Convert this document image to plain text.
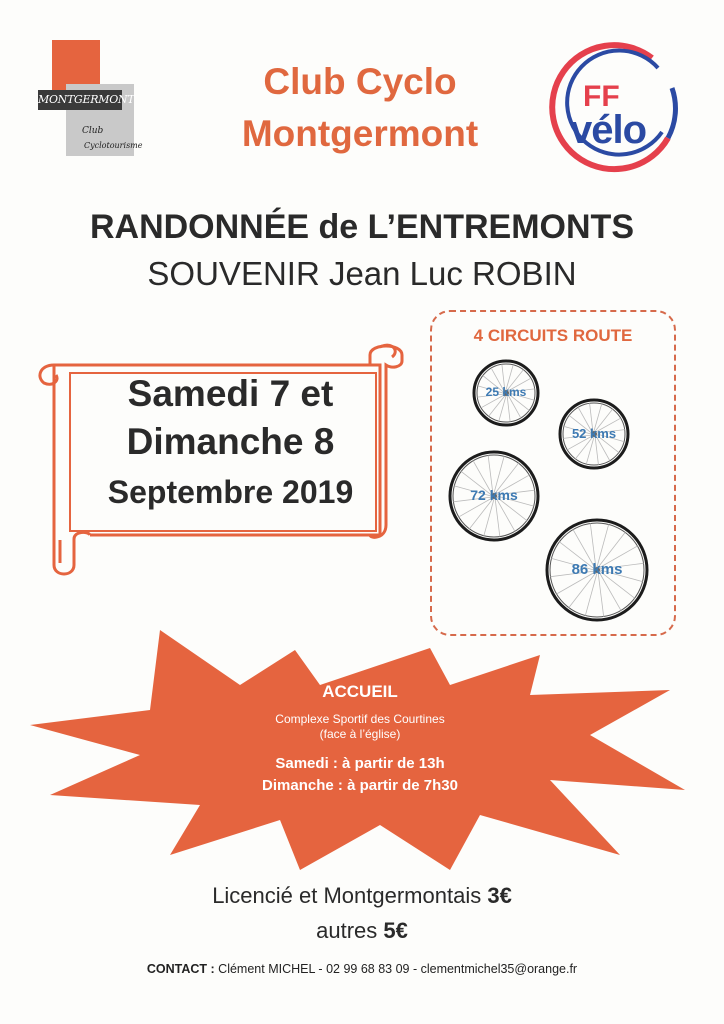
MONTGERMONT
Club
Cyclotourisme
Club Cyclo
Montgermont
FF
vélo
RANDONNÉE de L’ENTREMONTS
SOUVENIR Jean Luc ROBIN
Samedi 7 et
Dimanche 8
Septembre 2019
4 CIRCUITS ROUTE
25 kms
52 kms
72 kms
86 kms
ACCUEIL
Complexe Sportif des Courtines
(face à l’église)
Samedi : à partir de 13h
Dimanche : à partir de 7h30
Licencié et Montgermontais 3€
autres 5€
CONTACT : Clément MICHEL - 02 99 68 83 09 - clementmichel35@orange.fr
